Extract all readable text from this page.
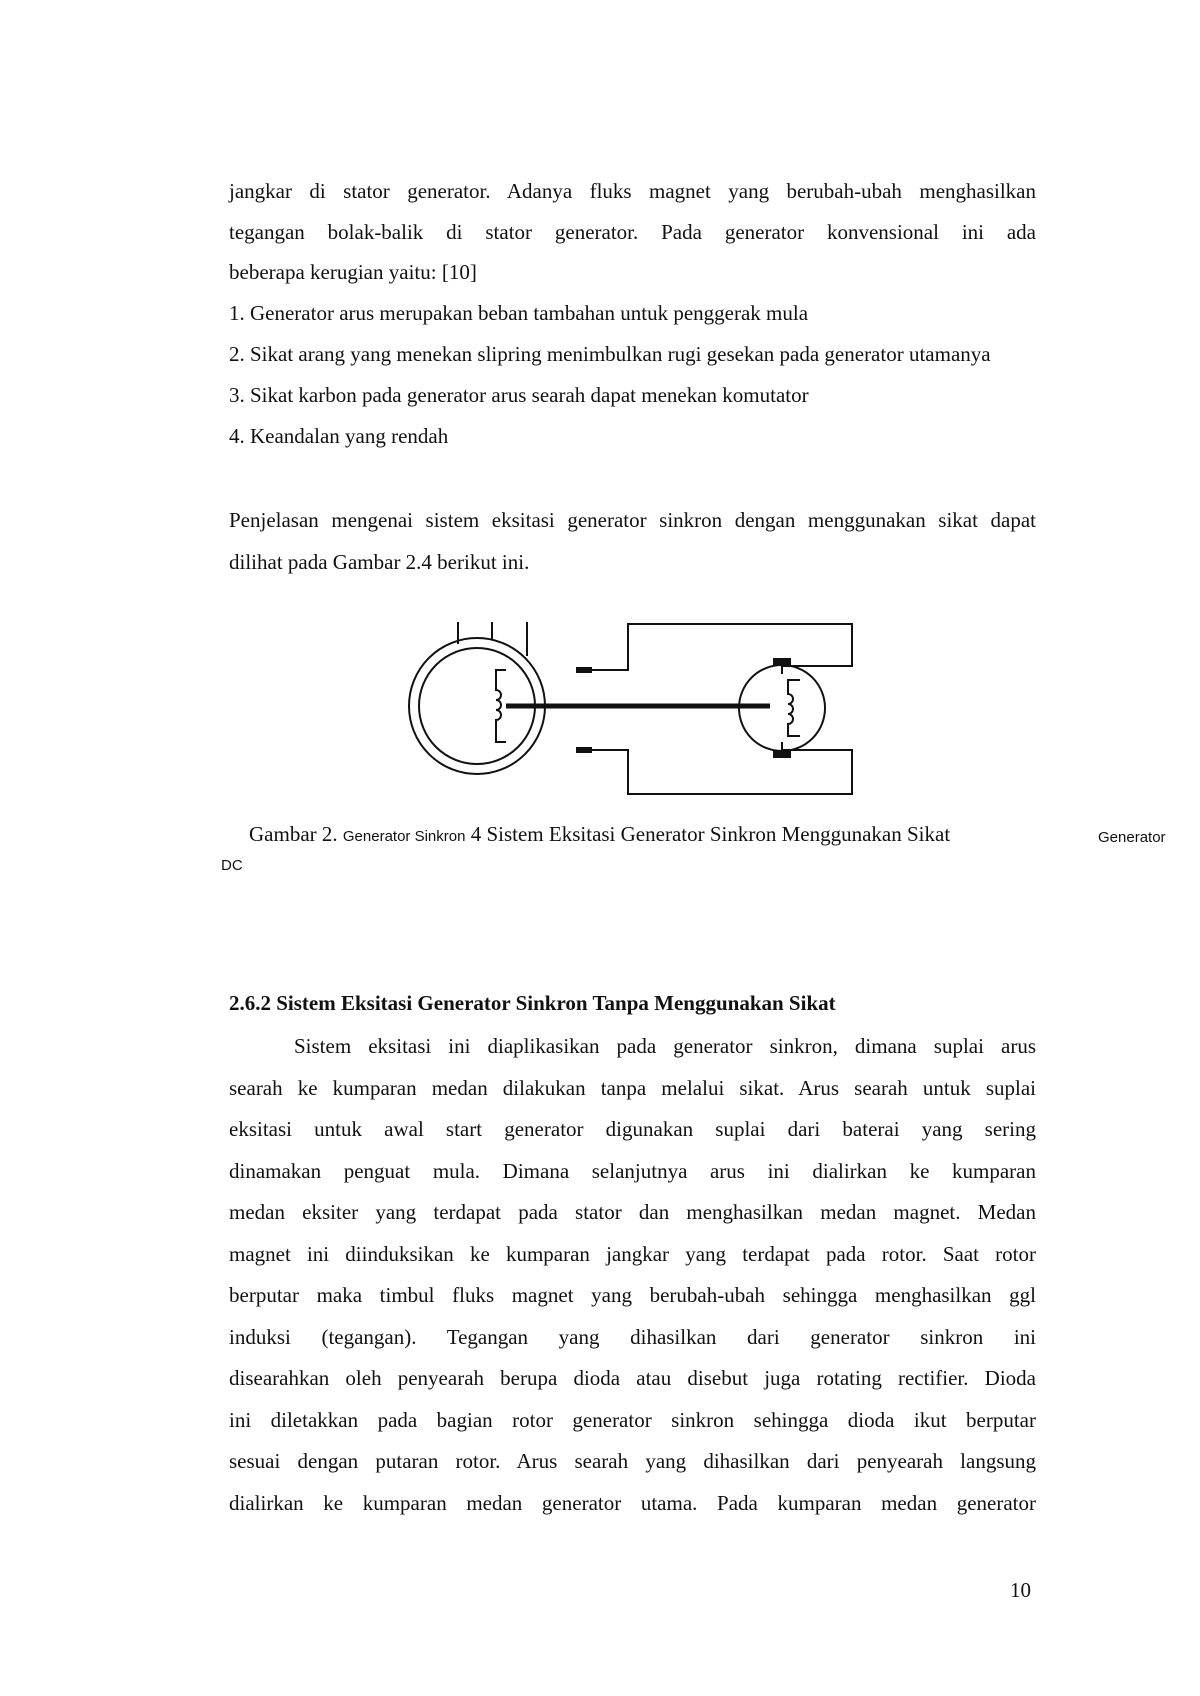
jangkar di stator generator. Adanya fluks magnet yang berubah-ubah menghasilkan
tegangan bolak-balik di stator generator. Pada generator konvensional ini ada
beberapa kerugian yaitu: [10]
1. Generator arus merupakan beban tambahan untuk penggerak mula
2. Sikat arang yang menekan slipring menimbulkan rugi gesekan pada generator utamanya
3. Sikat karbon pada generator arus searah dapat menekan komutator
4. Keandalan yang rendah
Penjelasan mengenai sistem eksitasi generator sinkron dengan menggunakan sikat dapat
dilihat pada Gambar 2.4 berikut ini.
Gambar 2. Generator Sinkron 4 Sistem Eksitasi Generator Sinkron Menggunakan Sikat	Generator
DC
2.6.2 Sistem Eksitasi Generator Sinkron Tanpa Menggunakan Sikat
Sistem eksitasi ini diaplikasikan pada generator sinkron, dimana suplai arus
searah ke kumparan medan dilakukan tanpa melalui sikat. Arus searah untuk suplai
eksitasi untuk awal start generator digunakan suplai dari baterai yang sering
dinamakan penguat mula. Dimana selanjutnya arus ini dialirkan ke kumparan
medan eksiter yang terdapat pada stator dan menghasilkan medan magnet. Medan
magnet ini diinduksikan ke kumparan jangkar yang terdapat pada rotor. Saat rotor
berputar maka timbul fluks magnet yang berubah-ubah sehingga menghasilkan ggl
induksi (tegangan). Tegangan yang dihasilkan dari generator sinkron ini
disearahkan oleh penyearah berupa dioda atau disebut juga rotating rectifier. Dioda
ini diletakkan pada bagian rotor generator sinkron sehingga dioda ikut berputar
sesuai dengan putaran rotor. Arus searah yang dihasilkan dari penyearah langsung
dialirkan ke kumparan medan generator utama. Pada kumparan medan generator
10
